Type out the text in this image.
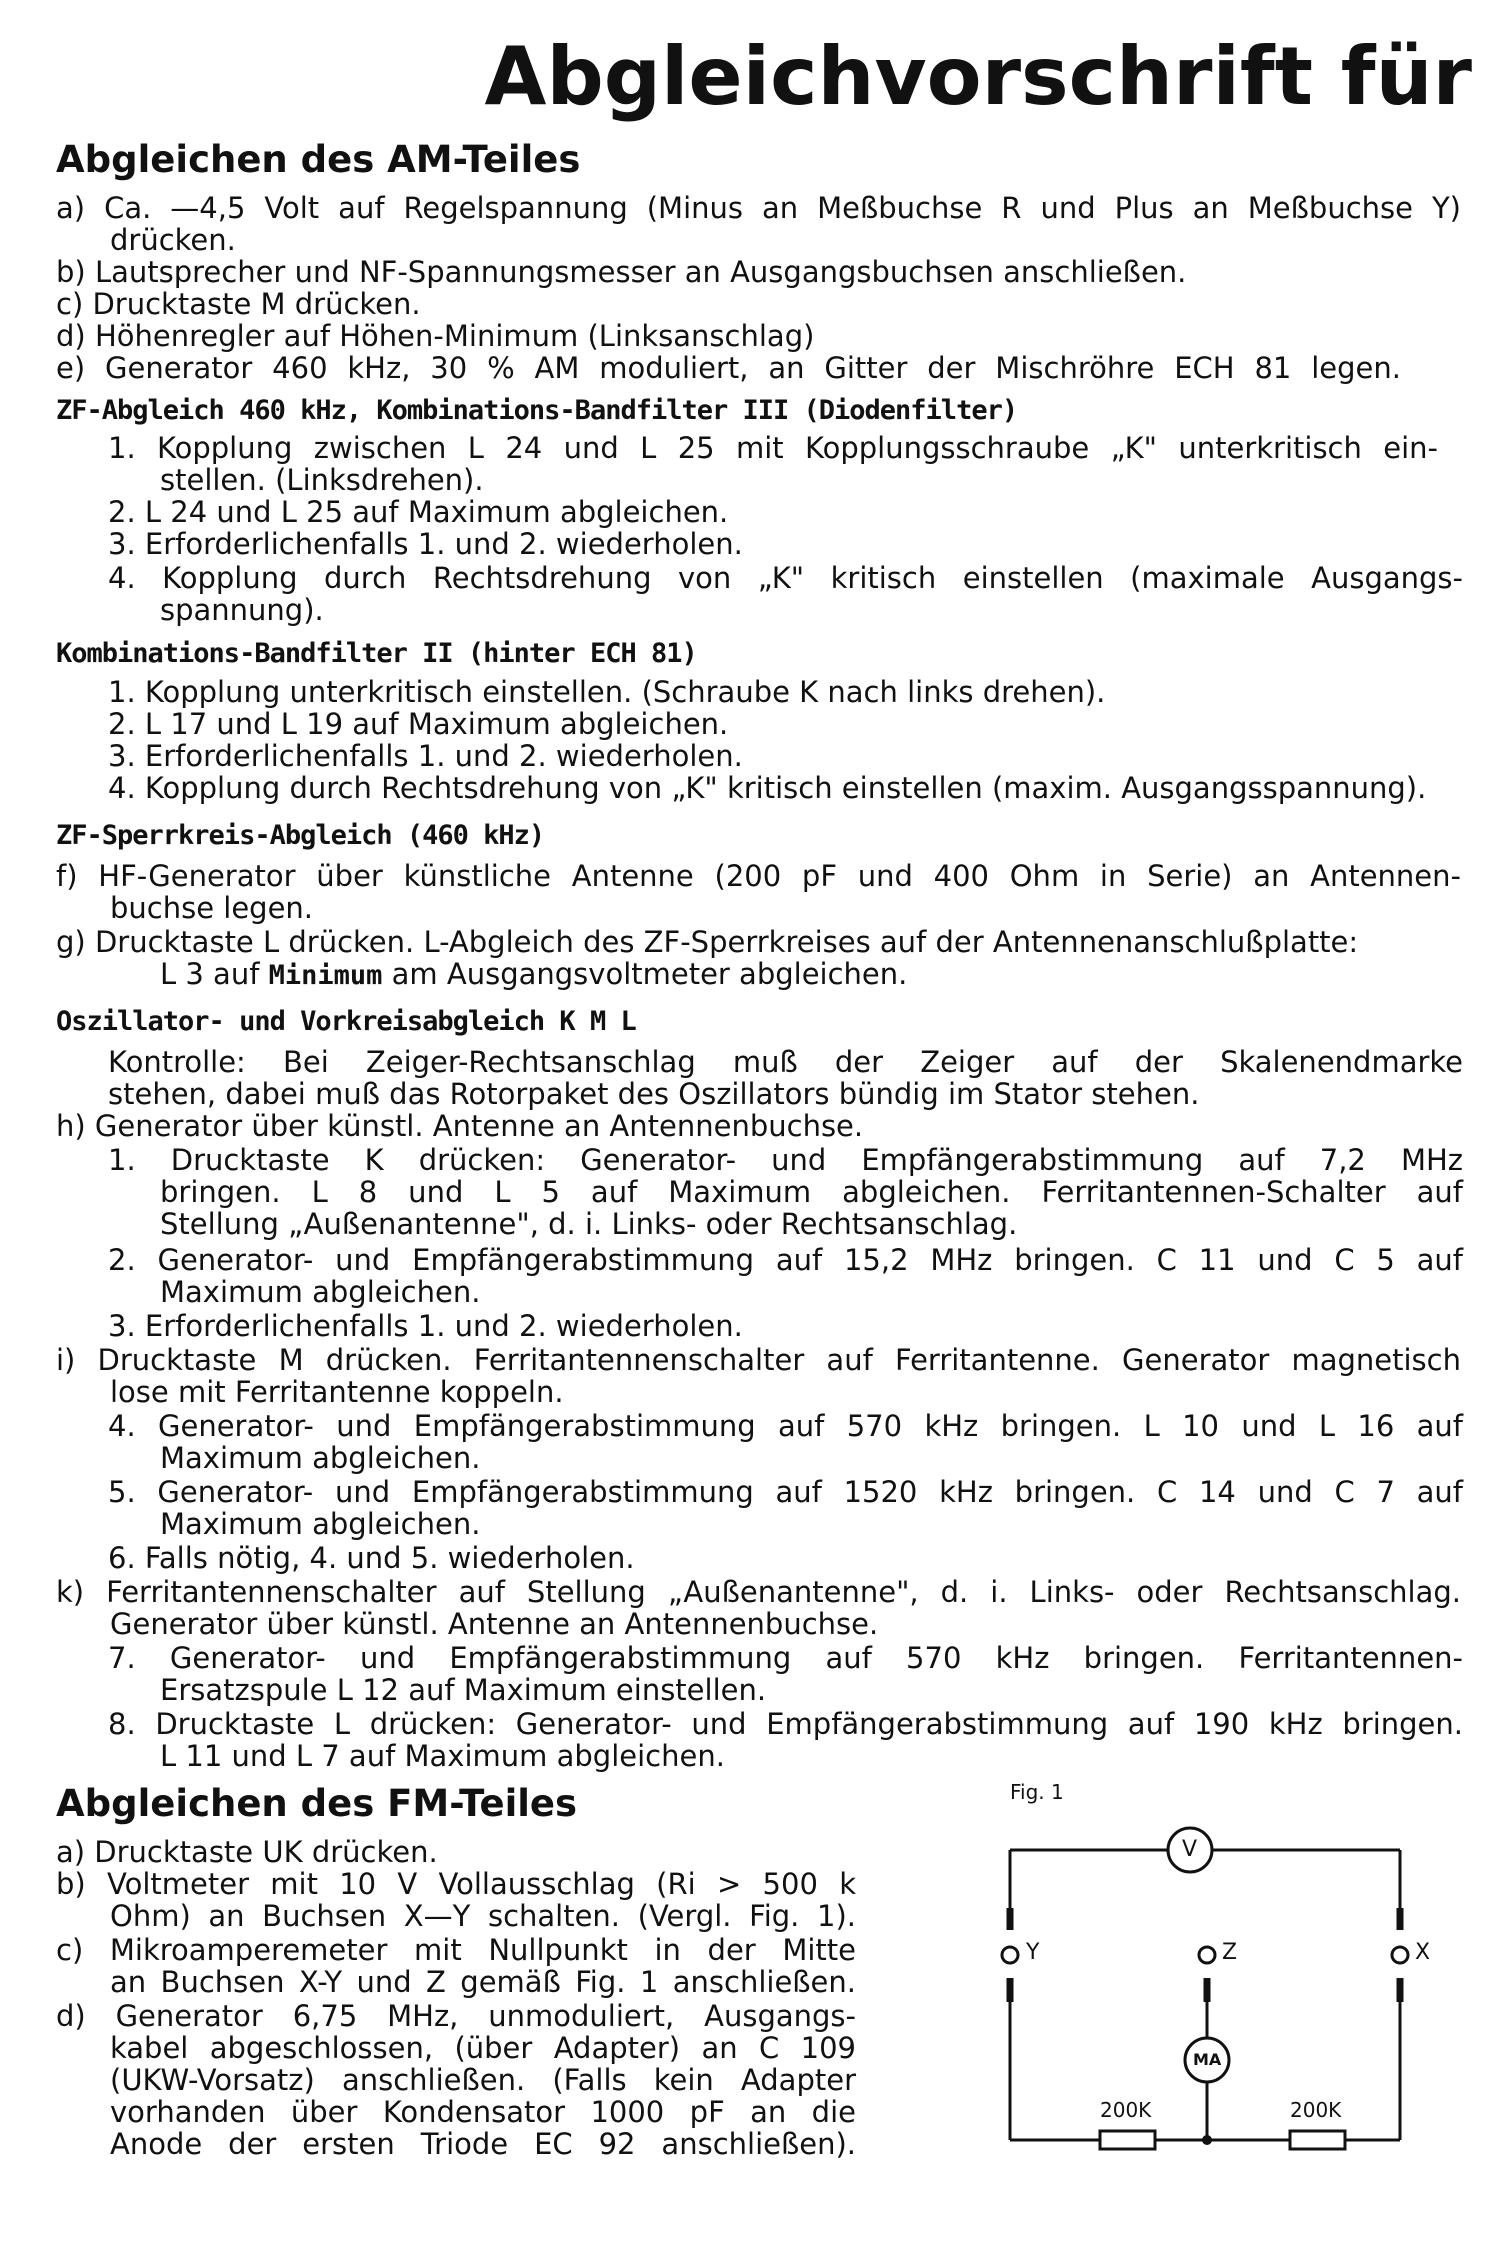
Abgleichvorschrift für
Abgleichen des AM-Teiles
a) Ca. —4,5 Volt auf Regelspannung (Minus an Meßbuchse R und Plus an Meßbuchse Y)
drücken.
b) Lautsprecher und NF-Spannungsmesser an Ausgangsbuchsen anschließen.
c) Drucktaste M drücken.
d) Höhenregler auf Höhen-Minimum (Linksanschlag)
e) Generator 460 kHz, 30 % AM moduliert, an Gitter der Mischröhre ECH 81 legen.
ZF-Abgleich 460 kHz, Kombinations-Bandfilter III (Diodenfilter)
1. Kopplung zwischen L 24 und L 25 mit Kopplungsschraube „K" unterkritisch ein-
stellen. (Linksdrehen).
2. L 24 und L 25 auf Maximum abgleichen.
3. Erforderlichenfalls 1. und 2. wiederholen.
4. Kopplung durch Rechtsdrehung von „K" kritisch einstellen (maximale Ausgangs-
spannung).
Kombinations-Bandfilter II (hinter ECH 81)
1. Kopplung unterkritisch einstellen. (Schraube K nach links drehen).
2. L 17 und L 19 auf Maximum abgleichen.
3. Erforderlichenfalls 1. und 2. wiederholen.
4. Kopplung durch Rechtsdrehung von „K" kritisch einstellen (maxim. Ausgangsspannung).
ZF-Sperrkreis-Abgleich (460 kHz)
f) HF-Generator über künstliche Antenne (200 pF und 400 Ohm in Serie) an Antennen-
buchse legen.
g) Drucktaste L drücken. L-Abgleich des ZF-Sperrkreises auf der Antennenanschlußplatte:
L 3 auf Minimum am Ausgangsvoltmeter abgleichen.
Oszillator- und Vorkreisabgleich K M L
Kontrolle: Bei Zeiger-Rechtsanschlag muß der Zeiger auf der Skalenendmarke
stehen, dabei muß das Rotorpaket des Oszillators bündig im Stator stehen.
h) Generator über künstl. Antenne an Antennenbuchse.
1. Drucktaste K drücken: Generator- und Empfängerabstimmung auf 7,2 MHz
bringen. L 8 und L 5 auf Maximum abgleichen. Ferritantennen-Schalter auf
Stellung „Außenantenne", d. i. Links- oder Rechtsanschlag.
2. Generator- und Empfängerabstimmung auf 15,2 MHz bringen. C 11 und C 5 auf
Maximum abgleichen.
3. Erforderlichenfalls 1. und 2. wiederholen.
i) Drucktaste M drücken. Ferritantennenschalter auf Ferritantenne. Generator magnetisch
lose mit Ferritantenne koppeln.
4. Generator- und Empfängerabstimmung auf 570 kHz bringen. L 10 und L 16 auf
Maximum abgleichen.
5. Generator- und Empfängerabstimmung auf 1520 kHz bringen. C 14 und C 7 auf
Maximum abgleichen.
6. Falls nötig, 4. und 5. wiederholen.
k) Ferritantennenschalter auf Stellung „Außenantenne", d. i. Links- oder Rechtsanschlag.
Generator über künstl. Antenne an Antennenbuchse.
7. Generator- und Empfängerabstimmung auf 570 kHz bringen. Ferritantennen-
Ersatzspule L 12 auf Maximum einstellen.
8. Drucktaste L drücken: Generator- und Empfängerabstimmung auf 190 kHz bringen.
L 11 und L 7 auf Maximum abgleichen.
Abgleichen des FM-Teiles
a) Drucktaste UK drücken.
b) Voltmeter mit 10 V Vollausschlag (Ri > 500 k
Ohm) an Buchsen X—Y schalten. (Vergl. Fig. 1).
c) Mikroamperemeter mit Nullpunkt in der Mitte
an Buchsen X-Y und Z gemäß Fig. 1 anschließen.
d) Generator 6,75 MHz, unmoduliert, Ausgangs-
kabel abgeschlossen, (über Adapter) an C 109
(UKW-Vorsatz) anschließen. (Falls kein Adapter
vorhanden über Kondensator 1000 pF an die
Anode der ersten Triode EC 92 anschließen).
Fig. 1
V
MA
Y	Z	X
200K	200K
